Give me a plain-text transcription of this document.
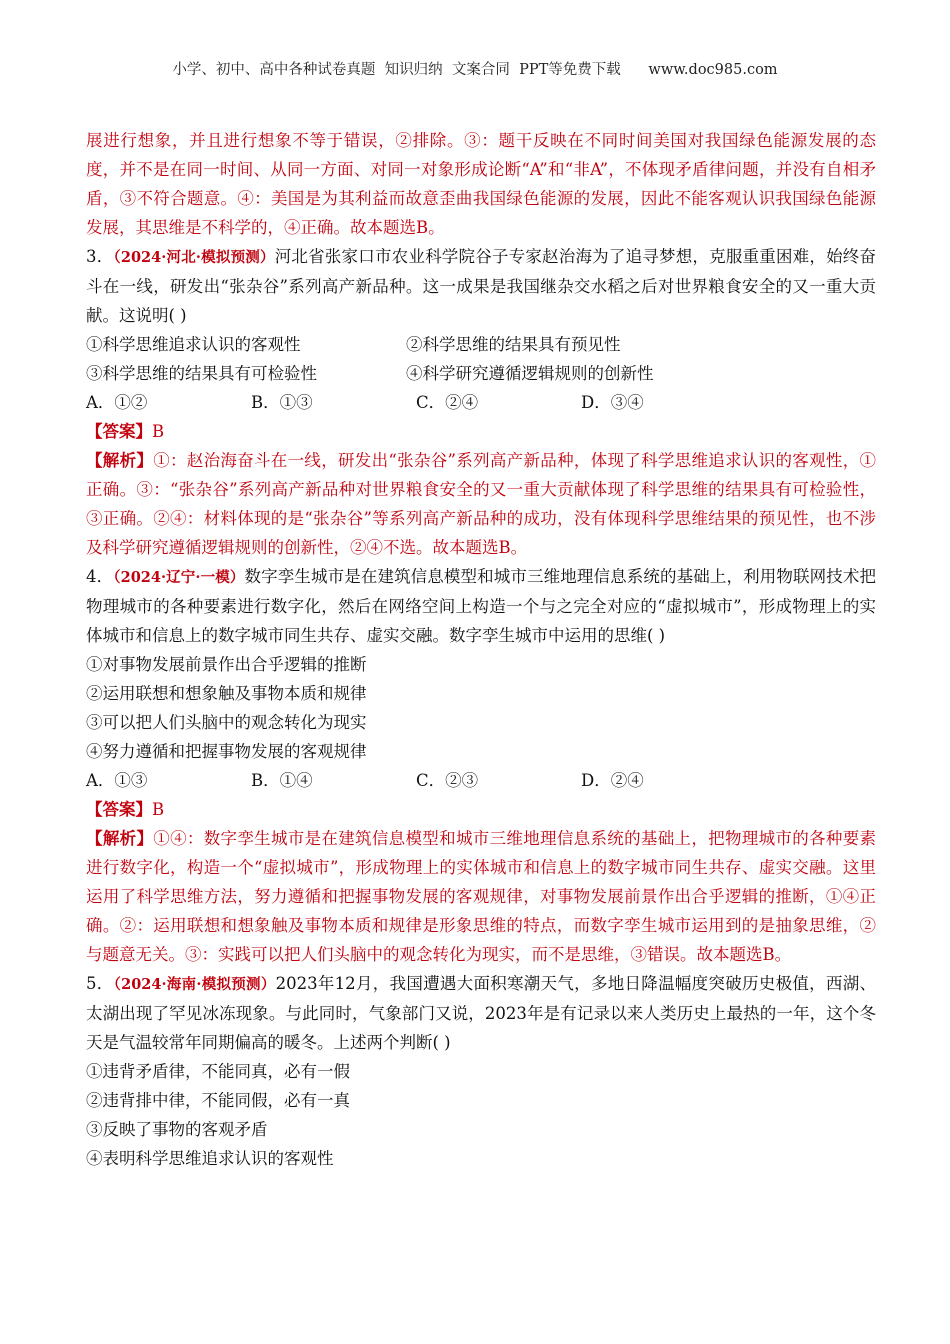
小学、初中、高中各种试卷真题  知识归纳  文案合同  PPT等免费下载      www.doc985.com

展进行想象，并且进行想象不等于错误，②排除。③：题干反映在不同时间美国对我国绿色能源发展的态度，并不是在同一时间、从同一方面、对同一对象形成论断“A”和“非A”，不体现矛盾律问题，并没有自相矛盾，③不符合题意。④：美国是为其利益而故意歪曲我国绿色能源的发展，因此不能客观认识我国绿色能源发展，其思维是不科学的，④正确。故本题选B。

3．（2024·河北·模拟预测）河北省张家口市农业科学院谷子专家赵治海为了追寻梦想，克服重重困难，始终奋斗在一线，研发出“张杂谷”系列高产新品种。这一成果是我国继杂交水稻之后对世界粮食安全的又一重大贡献。这说明( )

①科学思维追求认识的客观性	②科学思维的结果具有预见性
③科学思维的结果具有可检验性	④科学研究遵循逻辑规则的创新性
A．①②	B．①③	C．②④	D．③④

【答案】B

【解析】①：赵治海奋斗在一线，研发出“张杂谷”系列高产新品种，体现了科学思维追求认识的客观性，①正确。③：“张杂谷”系列高产新品种对世界粮食安全的又一重大贡献体现了科学思维的结果具有可检验性，③正确。②④：材料体现的是“张杂谷”等系列高产新品种的成功，没有体现科学思维结果的预见性，也不涉及科学研究遵循逻辑规则的创新性，②④不选。故本题选B。

4．（2024·辽宁·一模）数字孪生城市是在建筑信息模型和城市三维地理信息系统的基础上，利用物联网技术把物理城市的各种要素进行数字化，然后在网络空间上构造一个与之完全对应的“虚拟城市”，形成物理上的实体城市和信息上的数字城市同生共存、虚实交融。数字孪生城市中运用的思维( )

①对事物发展前景作出合乎逻辑的推断

②运用联想和想象触及事物本质和规律

③可以把人们头脑中的观念转化为现实

④努力遵循和把握事物发展的客观规律

A．①③	B．①④	C．②③	D．②④

【答案】B

【解析】①④：数字孪生城市是在建筑信息模型和城市三维地理信息系统的基础上，把物理城市的各种要素进行数字化，构造一个“虚拟城市”，形成物理上的实体城市和信息上的数字城市同生共存、虚实交融。这里运用了科学思维方法，努力遵循和把握事物发展的客观规律，对事物发展前景作出合乎逻辑的推断，①④正确。②：运用联想和想象触及事物本质和规律是形象思维的特点，而数字孪生城市运用到的是抽象思维，②与题意无关。③：实践可以把人们头脑中的观念转化为现实，而不是思维，③错误。故本题选B。

5．（2024·海南·模拟预测）2023年12月，我国遭遇大面积寒潮天气，多地日降温幅度突破历史极值，西湖、太湖出现了罕见冰冻现象。与此同时，气象部门又说，2023年是有记录以来人类历史上最热的一年，这个冬天是气温较常年同期偏高的暖冬。上述两个判断( )

①违背矛盾律，不能同真，必有一假

②违背排中律，不能同假，必有一真

③反映了事物的客观矛盾

④表明科学思维追求认识的客观性
